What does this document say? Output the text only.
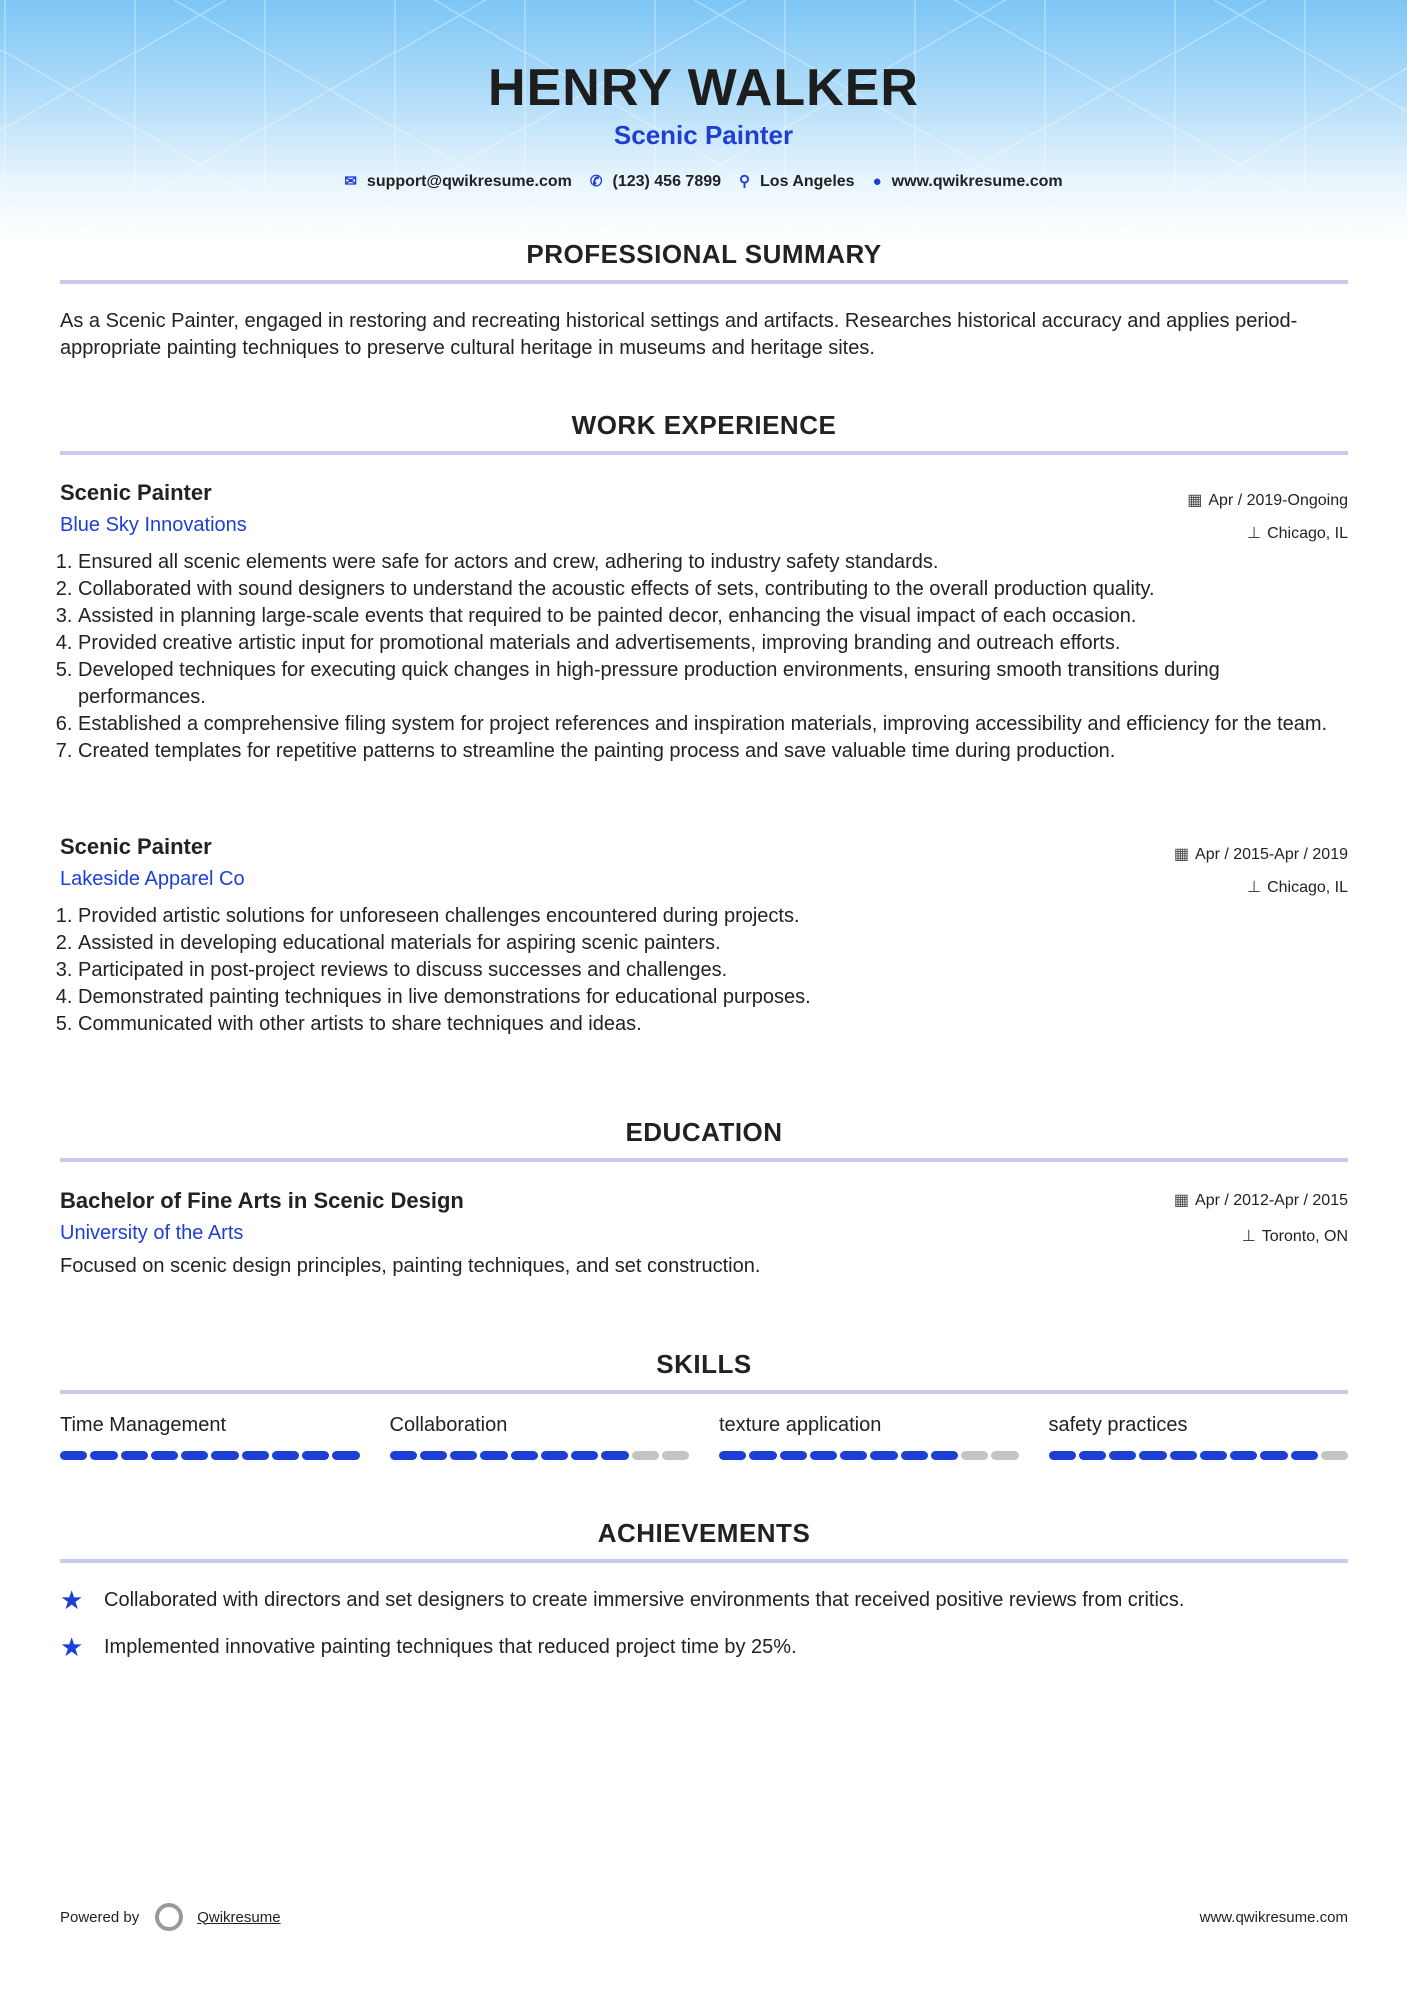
HENRY WALKER
Scenic Painter
✉ support@qwikresume.com ✆ (123) 456 7899 ⚲ Los Angeles ● www.qwikresume.com
PROFESSIONAL SUMMARY
As a Scenic Painter, engaged in restoring and recreating historical settings and artifacts. Researches historical accuracy and applies period-appropriate painting techniques to preserve cultural heritage in museums and heritage sites.
WORK EXPERIENCE
▦ Apr / 2019-Ongoing
⊥ Chicago, IL
Scenic Painter
Blue Sky Innovations
1. Ensured all scenic elements were safe for actors and crew, adhering to industry safety standards.
2. Collaborated with sound designers to understand the acoustic effects of sets, contributing to the overall production quality.
3. Assisted in planning large-scale events that required to be painted decor, enhancing the visual impact of each occasion.
4. Provided creative artistic input for promotional materials and advertisements, improving branding and outreach efforts.
5. Developed techniques for executing quick changes in high-pressure production environments, ensuring smooth transitions during performances.
6. Established a comprehensive filing system for project references and inspiration materials, improving accessibility and efficiency for the team.
7. Created templates for repetitive patterns to streamline the painting process and save valuable time during production.
▦ Apr / 2015-Apr / 2019
⊥ Chicago, IL
Scenic Painter
Lakeside Apparel Co
1. Provided artistic solutions for unforeseen challenges encountered during projects.
2. Assisted in developing educational materials for aspiring scenic painters.
3. Participated in post-project reviews to discuss successes and challenges.
4. Demonstrated painting techniques in live demonstrations for educational purposes.
5. Communicated with other artists to share techniques and ideas.
EDUCATION
▦ Apr / 2012-Apr / 2015
⊥ Toronto, ON
Bachelor of Fine Arts in Scenic Design
University of the Arts
Focused on scenic design principles, painting techniques, and set construction.
SKILLS
Time Management	Collaboration	texture application	safety practices
ACHIEVEMENTS
★	Collaborated with directors and set designers to create immersive environments that received positive reviews from critics.
★	Implemented innovative painting techniques that reduced project time by 25%.
Powered by	Qwikresume	www.qwikresume.com
